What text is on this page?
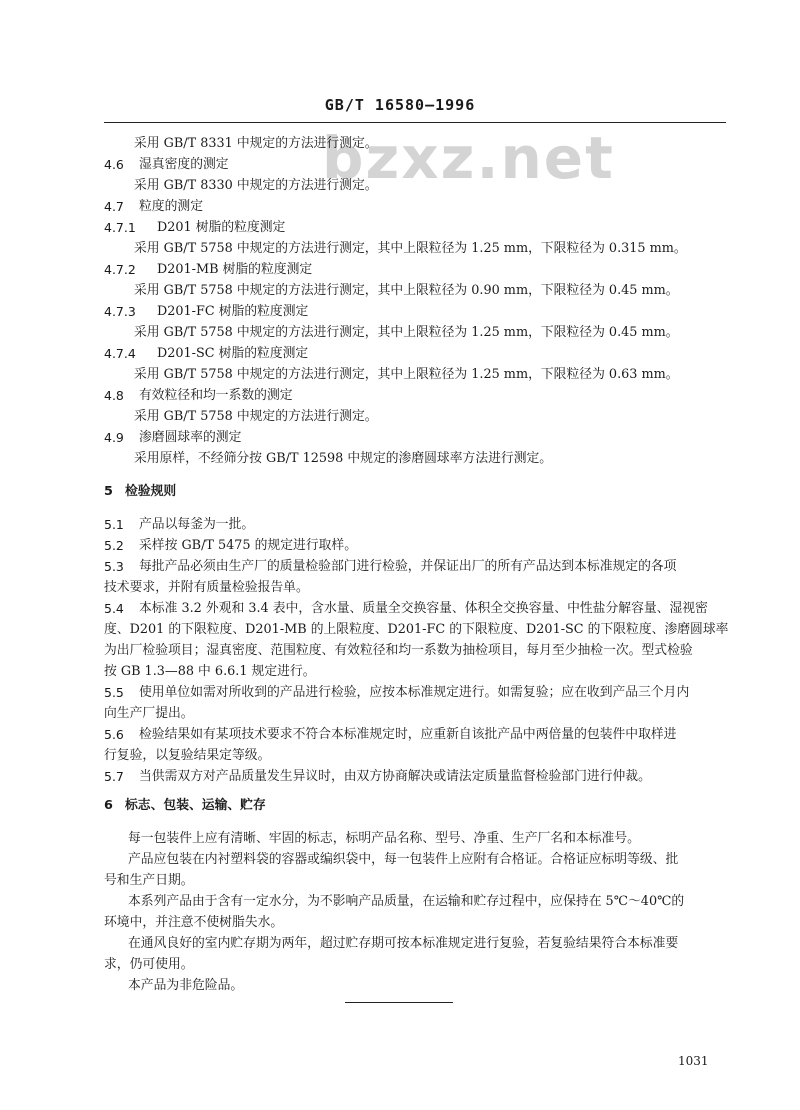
GB/T 16580—1996
bzxz.net
采用 GB/T 8331 中规定的方法进行测定。
4.6 湿真密度的测定
采用 GB/T 8330 中规定的方法进行测定。
4.7 粒度的测定
4.7.1 D201 树脂的粒度测定
采用 GB/T 5758 中规定的方法进行测定，其中上限粒径为 1.25 mm，下限粒径为 0.315 mm。
4.7.2 D201-MB 树脂的粒度测定
采用 GB/T 5758 中规定的方法进行测定，其中上限粒径为 0.90 mm，下限粒径为 0.45 mm。
4.7.3 D201-FC 树脂的粒度测定
采用 GB/T 5758 中规定的方法进行测定，其中上限粒径为 1.25 mm，下限粒径为 0.45 mm。
4.7.4 D201-SC 树脂的粒度测定
采用 GB/T 5758 中规定的方法进行测定，其中上限粒径为 1.25 mm，下限粒径为 0.63 mm。
4.8 有效粒径和均一系数的测定
采用 GB/T 5758 中规定的方法进行测定。
4.9 渗磨圆球率的测定
采用原样，不经筛分按 GB/T 12598 中规定的渗磨圆球率方法进行测定。
5 检验规则
5.1 产品以每釜为一批。
5.2 采样按 GB/T 5475 的规定进行取样。
5.3 每批产品必须由生产厂的质量检验部门进行检验，并保证出厂的所有产品达到本标准规定的各项
技术要求，并附有质量检验报告单。
5.4 本标准 3.2 外观和 3.4 表中，含水量、质量全交换容量、体积全交换容量、中性盐分解容量、湿视密
度、D201 的下限粒度、D201-MB 的上限粒度、D201-FC 的下限粒度、D201-SC 的下限粒度、渗磨圆球率
为出厂检验项目；湿真密度、范围粒度、有效粒径和均一系数为抽检项目，每月至少抽检一次。型式检验
按 GB 1.3—88 中 6.6.1 规定进行。
5.5 使用单位如需对所收到的产品进行检验，应按本标准规定进行。如需复验；应在收到产品三个月内
向生产厂提出。
5.6 检验结果如有某项技术要求不符合本标准规定时，应重新自该批产品中两倍量的包装件中取样进
行复验，以复验结果定等级。
5.7 当供需双方对产品质量发生异议时，由双方协商解决或请法定质量监督检验部门进行仲裁。
6 标志、包装、运输、贮存
每一包装件上应有清晰、牢固的标志，标明产品名称、型号、净重、生产厂名和本标准号。
产品应包装在内衬塑料袋的容器或编织袋中，每一包装件上应附有合格证。合格证应标明等级、批
号和生产日期。
本系列产品由于含有一定水分，为不影响产品质量，在运输和贮存过程中，应保持在 5℃～40℃的
环境中，并注意不使树脂失水。
在通风良好的室内贮存期为两年，超过贮存期可按本标准规定进行复验，若复验结果符合本标准要
求，仍可使用。
本产品为非危险品。
1031
